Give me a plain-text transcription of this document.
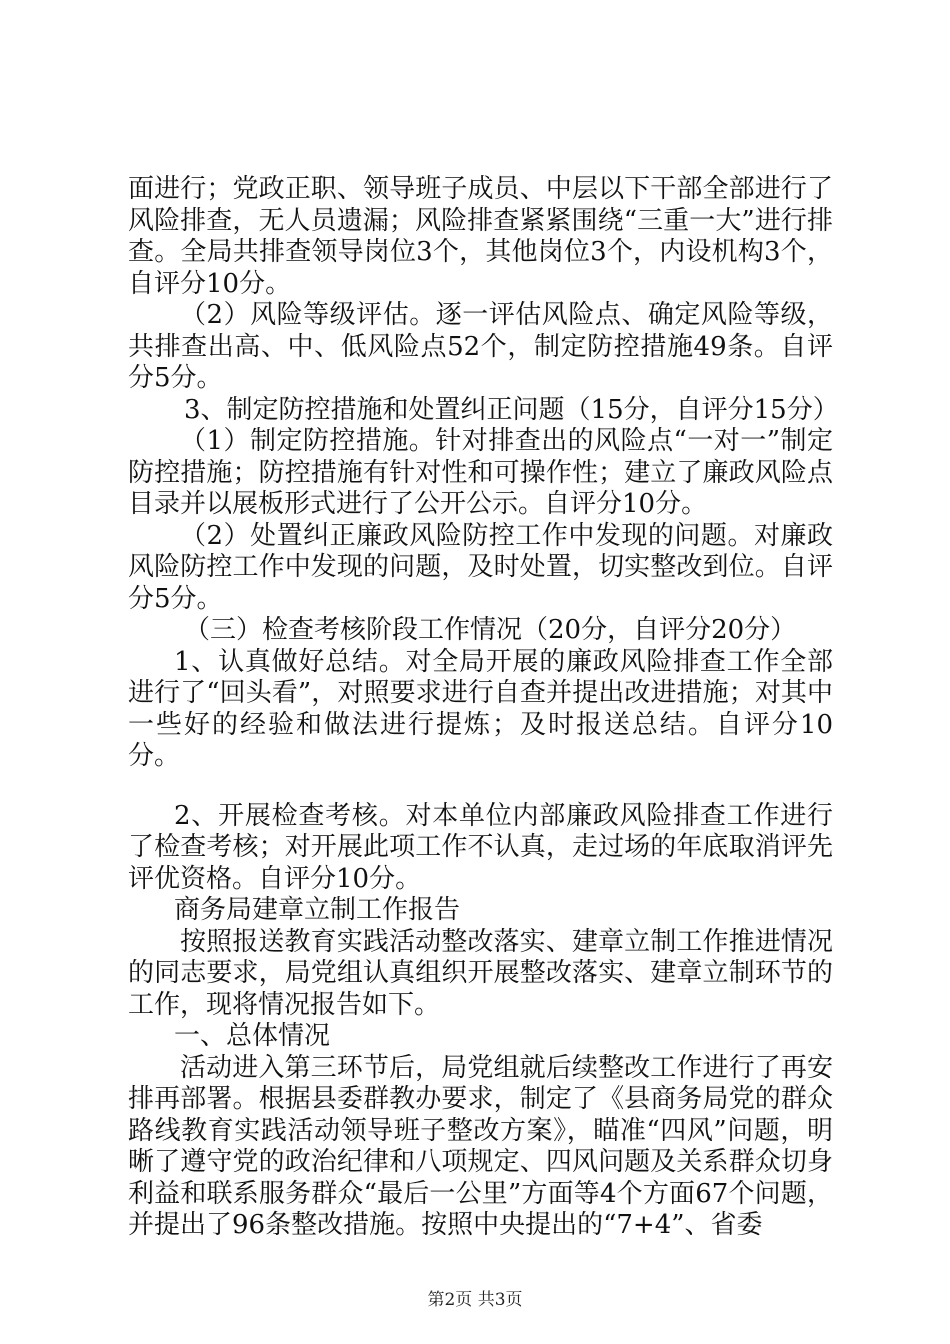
面进行；党政正职、领导班子成员、中层以下干部全部进行了风险排查，无人员遗漏；风险排查紧紧围绕“三重一大”进行排查。全局共排查领导岗位3个，其他岗位3个，内设机构3个，自评分10分。

（2）风险等级评估。逐一评估风险点、确定风险等级，共排查出高、中、低风险点52个，制定防控措施49条。自评分5分。

3、制定防控措施和处置纠正问题（15分，自评分15分）

（1）制定防控措施。针对排查出的风险点“一对一”制定防控措施；防控措施有针对性和可操作性；建立了廉政风险点目录并以展板形式进行了公开公示。自评分10分。

（2）处置纠正廉政风险防控工作中发现的问题。对廉政风险防控工作中发现的问题，及时处置，切实整改到位。自评分5分。

（三）检查考核阶段工作情况（20分，自评分20分）

1、认真做好总结。对全局开展的廉政风险排查工作全部进行了“回头看”，对照要求进行自查并提出改进措施；对其中一些好的经验和做法进行提炼；及时报送总结。自评分10分。

2、开展检查考核。对本单位内部廉政风险排查工作进行了检查考核；对开展此项工作不认真，走过场的年底取消评先评优资格。自评分10分。

商务局建章立制工作报告

按照报送教育实践活动整改落实、建章立制工作推进情况的同志要求，局党组认真组织开展整改落实、建章立制环节的工作，现将情况报告如下。

一、总体情况

活动进入第三环节后，局党组就后续整改工作进行了再安排再部署。根据县委群教办要求，制定了《县商务局党的群众路线教育实践活动领导班子整改方案》，瞄准“四风”问题，明晰了遵守党的政治纪律和八项规定、四风问题及关系群众切身利益和联系服务群众“最后一公里”方面等4个方面67个问题，并提出了96条整改措施。按照中央提出的“7+4”、省委

第2页 共3页
